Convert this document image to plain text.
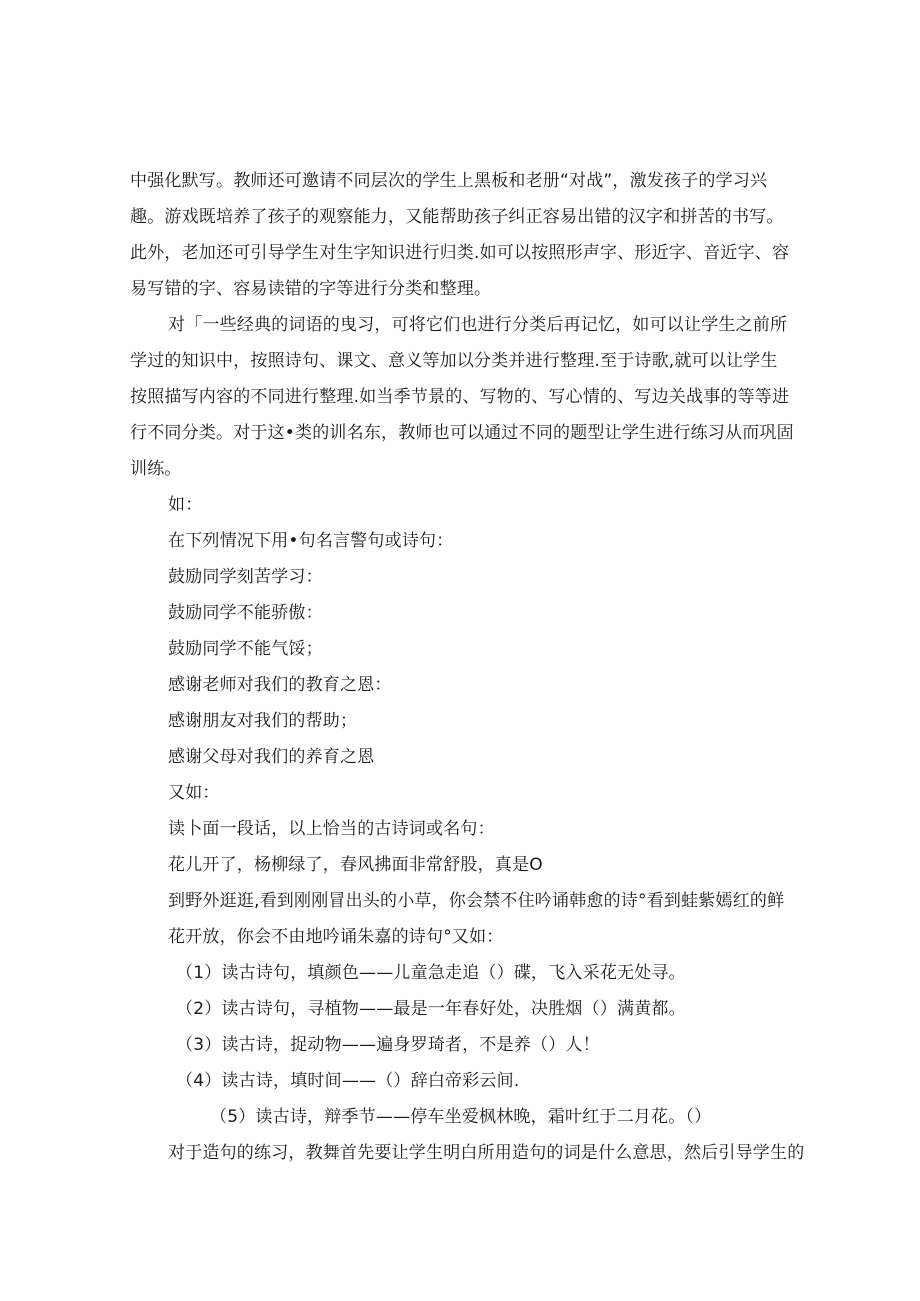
中强化默写。教师还可邀请不同层次的学生上黑板和老册“对战”，激发孩子的学习兴
趣。游戏既培养了孩子的观察能力，又能帮助孩子纠正容易出错的汉字和拼苦的书写。
此外，老加还可引导学生对生字知识进行归类.如可以按照形声字、形近字、音近字、容
易写错的字、容易读错的字等进行分类和整理。
对「一些经典的词语的曳习，可将它们也进行分类后再记忆，如可以让学生之前所
学过的知识中，按照诗句、课文、意义等加以分类并进行整理.至于诗歌,就可以让学生
按照描写内容的不同进行整理.如当季节景的、写物的、写心情的、写边关战事的等等进
行不同分类。对于这•类的训名东，教师也可以通过不同的题型让学生进行练习从而巩固
训练。
如：
在下列情况下用•句名言警句或诗句：
鼓励同学刻苦学习：
鼓励同学不能骄傲：
鼓励同学不能气馁；
感谢老师对我们的教育之恩：
感谢朋友对我们的帮助；
感谢父母对我们的养育之恩
又如：
读卜面一段话，以上恰当的古诗词或名句：
花儿开了，杨柳绿了，春风拂面非常舒股，真是O
到野外逛逛,看到刚刚冒出头的小草，你会禁不住吟诵韩愈的诗°看到蛙紫嫣红的鲜
花开放，你会不由地吟诵朱嘉的诗句°又如：
（1）读古诗句，填颜色——儿童急走追（）碟，飞入采花无处寻。
（2）读古诗句，寻植物——最是一年春好处，决胜烟（）满黄都。
（3）读古诗，捉动物——遍身罗琦者，不是养（）人！
（4）读古诗，填时间——（）辞白帝彩云间.
（5）读古诗，辩季节——停车坐爱枫林晚，霜叶红于二月花。（）
对于造句的练习，教舞首先要让学生明白所用造句的词是什么意思，然后引导学生的
